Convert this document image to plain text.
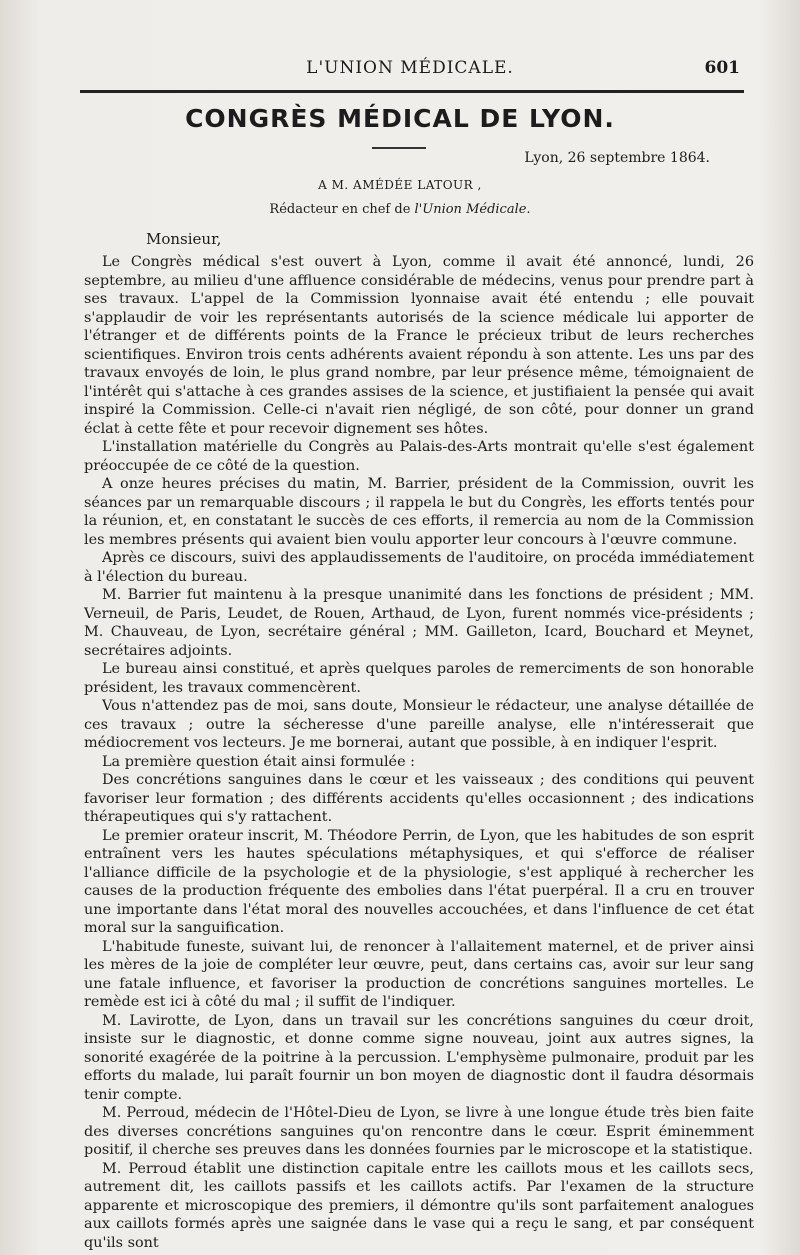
L'UNION MÉDICALE.	601
CONGRÈS MÉDICAL DE LYON.
Lyon, 26 septembre 1864.
A M. AMÉDÉE LATOUR ,
Rédacteur en chef de l'Union Médicale.
Monsieur,

Le Congrès médical s'est ouvert à Lyon, comme il avait été annoncé, lundi, 26 septembre, au milieu d'une affluence considérable de médecins, venus pour prendre part à ses travaux. L'appel de la Commission lyonnaise avait été entendu ; elle pouvait s'applaudir de voir les représentants autorisés de la science médicale lui apporter de l'étranger et de différents points de la France le précieux tribut de leurs recherches scientifiques. Environ trois cents adhérents avaient répondu à son attente. Les uns par des travaux envoyés de loin, le plus grand nombre, par leur présence même, témoignaient de l'intérêt qui s'attache à ces grandes assises de la science, et justifiaient la pensée qui avait inspiré la Commission. Celle-ci n'avait rien négligé, de son côté, pour donner un grand éclat à cette fête et pour recevoir dignement ses hôtes.

L'installation matérielle du Congrès au Palais-des-Arts montrait qu'elle s'est également préoccupée de ce côté de la question.

A onze heures précises du matin, M. Barrier, président de la Commission, ouvrit les séances par un remarquable discours ; il rappela le but du Congrès, les efforts tentés pour la réunion, et, en constatant le succès de ces efforts, il remercia au nom de la Commission les membres présents qui avaient bien voulu apporter leur concours à l'œuvre commune.

Après ce discours, suivi des applaudissements de l'auditoire, on procéda immédiatement à l'élection du bureau.

M. Barrier fut maintenu à la presque unanimité dans les fonctions de président ; MM. Verneuil, de Paris, Leudet, de Rouen, Arthaud, de Lyon, furent nommés vice-présidents ; M. Chauveau, de Lyon, secrétaire général ; MM. Gailleton, Icard, Bouchard et Meynet, secrétaires adjoints.

Le bureau ainsi constitué, et après quelques paroles de remerciments de son honorable président, les travaux commencèrent.

Vous n'attendez pas de moi, sans doute, Monsieur le rédacteur, une analyse détaillée de ces travaux ; outre la sécheresse d'une pareille analyse, elle n'intéresserait que médiocrement vos lecteurs. Je me bornerai, autant que possible, à en indiquer l'esprit.

La première question était ainsi formulée :

Des concrétions sanguines dans le cœur et les vaisseaux ; des conditions qui peuvent favoriser leur formation ; des différents accidents qu'elles occasionnent ; des indications thérapeutiques qui s'y rattachent.

Le premier orateur inscrit, M. Théodore Perrin, de Lyon, que les habitudes de son esprit entraînent vers les hautes spéculations métaphysiques, et qui s'efforce de réaliser l'alliance difficile de la psychologie et de la physiologie, s'est appliqué à rechercher les causes de la production fréquente des embolies dans l'état puerpéral. Il a cru en trouver une importante dans l'état moral des nouvelles accouchées, et dans l'influence de cet état moral sur la sanguification.

L'habitude funeste, suivant lui, de renoncer à l'allaitement maternel, et de priver ainsi les mères de la joie de compléter leur œuvre, peut, dans certains cas, avoir sur leur sang une fatale influence, et favoriser la production de concrétions sanguines mortelles. Le remède est ici à côté du mal ; il suffit de l'indiquer.

M. Lavirotte, de Lyon, dans un travail sur les concrétions sanguines du cœur droit, insiste sur le diagnostic, et donne comme signe nouveau, joint aux autres signes, la sonorité exagérée de la poitrine à la percussion. L'emphysème pulmonaire, produit par les efforts du malade, lui paraît fournir un bon moyen de diagnostic dont il faudra désormais tenir compte.

M. Perroud, médecin de l'Hôtel-Dieu de Lyon, se livre à une longue étude très bien faite des diverses concrétions sanguines qu'on rencontre dans le cœur. Esprit éminemment positif, il cherche ses preuves dans les données fournies par le microscope et la statistique.

M. Perroud établit une distinction capitale entre les caillots mous et les caillots secs, autrement dit, les caillots passifs et les caillots actifs. Par l'examen de la structure apparente et microscopique des premiers, il démontre qu'ils sont parfaitement analogues aux caillots formés après une saignée dans le vase qui a reçu le sang, et par conséquent qu'ils sont
